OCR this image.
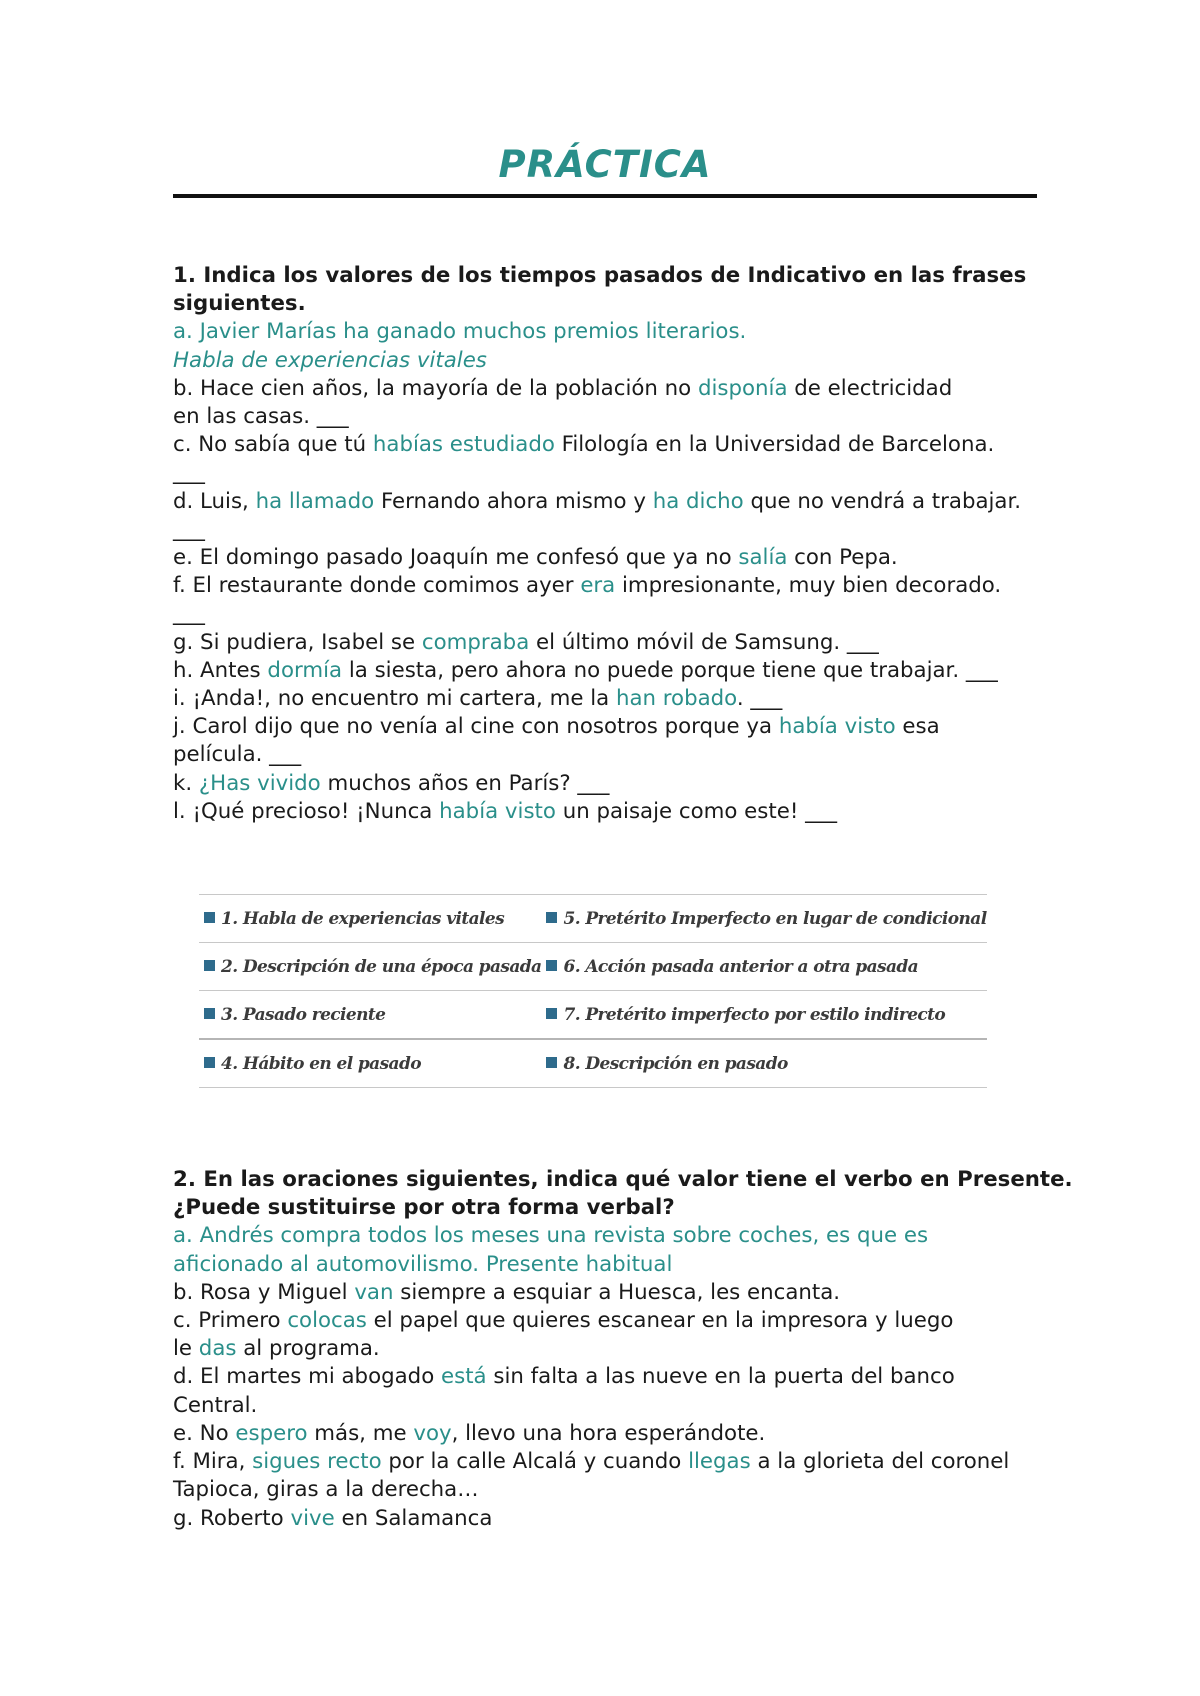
PRÁCTICA
1. Indica los valores de los tiempos pasados de Indicativo en las frases
siguientes.
a. Javier Marías ha ganado muchos premios literarios.
Habla de experiencias vitales
b. Hace cien años, la mayoría de la población no disponía de electricidad
en las casas. ___
c. No sabía que tú habías estudiado Filología en la Universidad de Barcelona.
___
d. Luis, ha llamado Fernando ahora mismo y ha dicho que no vendrá a trabajar.
___
e. El domingo pasado Joaquín me confesó que ya no salía con Pepa.
f. El restaurante donde comimos ayer era impresionante, muy bien decorado.
___
g. Si pudiera, Isabel se compraba el último móvil de Samsung. ___
h. Antes dormía la siesta, pero ahora no puede porque tiene que trabajar. ___
i. ¡Anda!, no encuentro mi cartera, me la han robado. ___
j. Carol dijo que no venía al cine con nosotros porque ya había visto esa
película. ___
k. ¿Has vivido muchos años en París? ___
l. ¡Qué precioso! ¡Nunca había visto un paisaje como este! ___
1. Habla de experiencias vitales	5. Pretérito Imperfecto en lugar de condicional
2. Descripción de una época pasada	6. Acción pasada anterior a otra pasada
3. Pasado reciente	7. Pretérito imperfecto por estilo indirecto
4. Hábito en el pasado	8. Descripción en pasado
2. En las oraciones siguientes, indica qué valor tiene el verbo en Presente.
¿Puede sustituirse por otra forma verbal?
a. Andrés compra todos los meses una revista sobre coches, es que es
aficionado al automovilismo. Presente habitual
b. Rosa y Miguel van siempre a esquiar a Huesca, les encanta.
c. Primero colocas el papel que quieres escanear en la impresora y luego
le das al programa.
d. El martes mi abogado está sin falta a las nueve en la puerta del banco
Central.
e. No espero más, me voy, llevo una hora esperándote.
f. Mira, sigues recto por la calle Alcalá y cuando llegas a la glorieta del coronel
Tapioca, giras a la derecha…
g. Roberto vive en Salamanca
